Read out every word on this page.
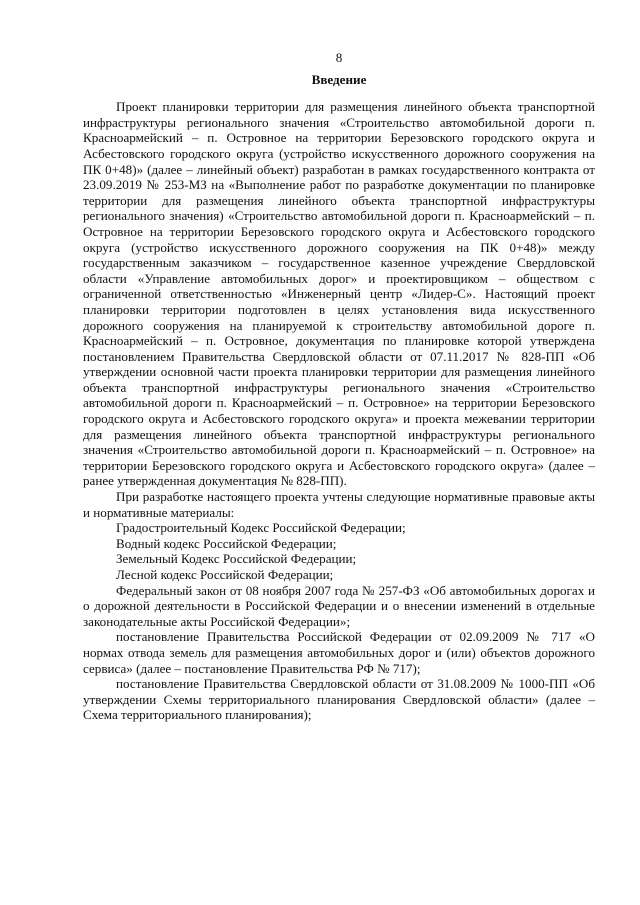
8
Введение

Проект планировки территории для размещения линейного объекта транспортной инфраструктуры регионального значения «Строительство автомобильной дороги п. Красноармейский – п. Островное на территории Березовского городского округа и Асбестовского городского округа (устройство искусственного дорожного сооружения на ПК 0+48)» (далее – линейный объект) разработан в рамках государственного контракта от 23.09.2019 № 253-МЗ на «Выполнение работ по разработке документации по планировке территории для размещения линейного объекта транспортной инфраструктуры регионального значения) «Строительство автомобильной дороги п. Красноармейский – п. Островное на территории Березовского городского округа и Асбестовского городского округа (устройство искусственного дорожного сооружения на ПК 0+48)» между государственным заказчиком – государственное казенное учреждение Свердловской области «Управление автомобильных дорог» и проектировщиком – обществом с ограниченной ответственностью «Инженерный центр «Лидер-С». Настоящий проект планировки территории подготовлен в целях установления вида искусственного дорожного сооружения на планируемой к строительству автомобильной дороге п. Красноармейский – п. Островное, документация по планировке которой утверждена постановлением Правительства Свердловской области от 07.11.2017 № 828-ПП «Об утверждении основной части проекта планировки территории для размещения линейного объекта транспортной инфраструктуры регионального значения «Строительство автомобильной дороги п. Красноармейский – п. Островное» на территории Березовского городского округа и Асбестовского городского округа» и проекта межевании территории для размещения линейного объекта транспортной инфраструктуры регионального значения «Строительство автомобильной дороги п. Красноармейский – п. Островное» на территории Березовского городского округа и Асбестовского городского округа» (далее – ранее утвержденная документация № 828-ПП).

При разработке настоящего проекта учтены следующие нормативные правовые акты и нормативные материалы:

Градостроительный Кодекс Российской Федерации;

Водный кодекс Российской Федерации;

Земельный Кодекс Российской Федерации;

Лесной кодекс Российской Федерации;

Федеральный закон от 08 ноября 2007 года № 257-ФЗ «Об автомобильных дорогах и о дорожной деятельности в Российской Федерации и о внесении изменений в отдельные законодательные акты Российской Федерации»;

постановление Правительства Российской Федерации от 02.09.2009 № 717 «О нормах отвода земель для размещения автомобильных дорог и (или) объектов дорожного сервиса» (далее – постановление Правительства РФ № 717);

постановление Правительства Свердловской области от 31.08.2009 № 1000-ПП «Об утверждении Схемы территориального планирования Свердловской области» (далее – Схема территориального планирования);
